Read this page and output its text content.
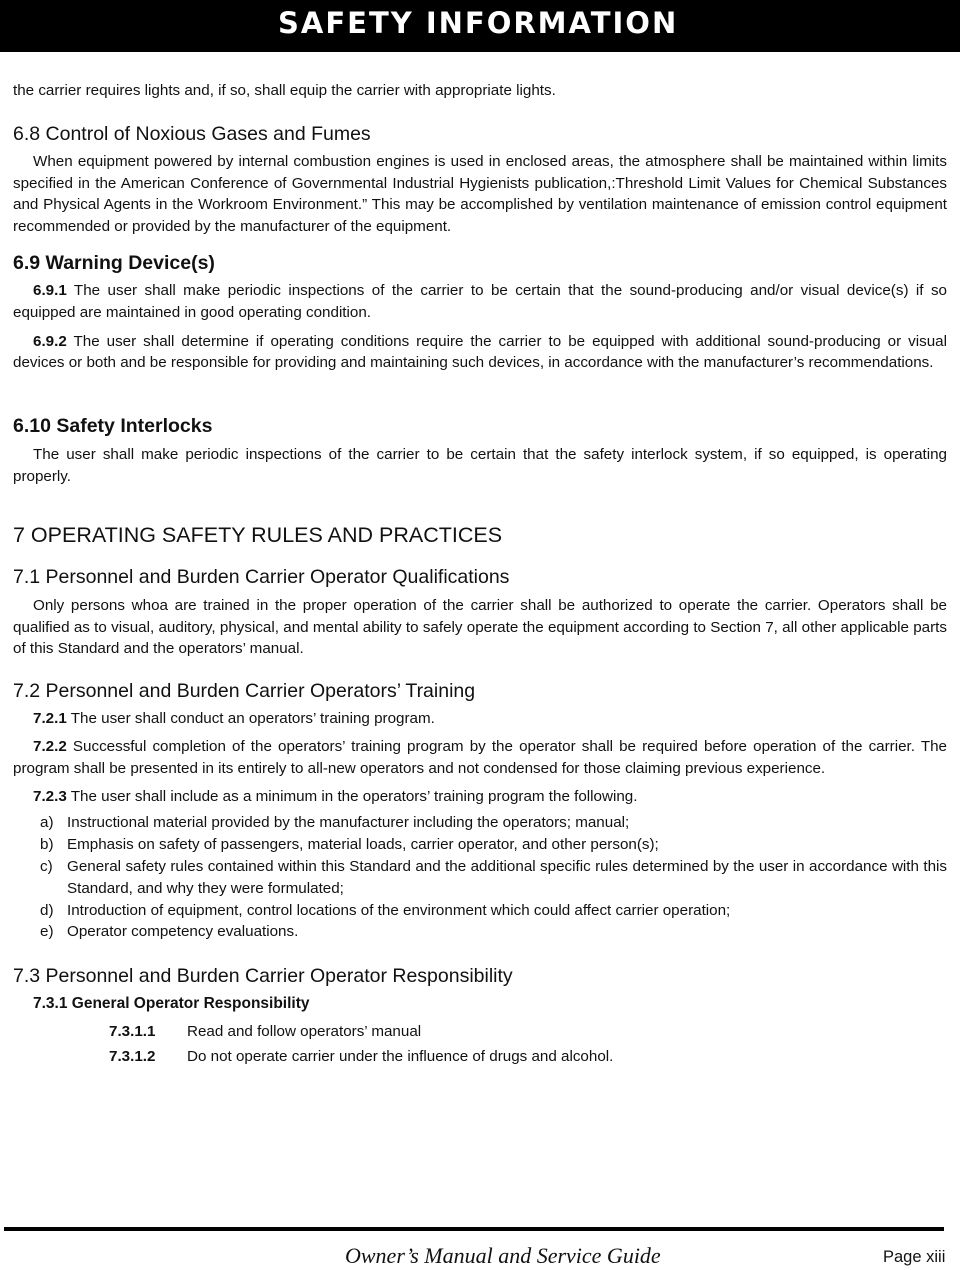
SAFETY INFORMATION

the carrier requires lights and, if so, shall equip the carrier with appropriate lights.

6.8 Control of Noxious Gases and Fumes

When equipment powered by internal combustion engines is used in enclosed areas, the atmosphere shall be maintained within limits specified in the American Conference of Governmental Industrial Hygienists publication,:Threshold Limit Values for Chemical Substances and Physical Agents in the Workroom Environment.” This may be accomplished by ventilation maintenance of emission control equipment recommended or provided by the manufacturer of the equipment.

6.9 Warning Device(s)

6.9.1 The user shall make periodic inspections of the carrier to be certain that the sound-producing and/or visual device(s) if so equipped are maintained in good operating condition.

6.9.2 The user shall determine if operating conditions require the carrier to be equipped with additional sound-producing or visual devices or both and be responsible for providing and maintaining such devices, in accordance with the manufacturer’s recommendations.

6.10 Safety Interlocks

The user shall make periodic inspections of the carrier to be certain that the safety interlock system, if so equipped, is operating properly.

7 OPERATING SAFETY RULES AND PRACTICES
7.1 Personnel and Burden Carrier Operator Qualifications

Only persons whoa are trained in the proper operation of the carrier shall be authorized to operate the carrier. Operators shall be qualified as to visual, auditory, physical, and mental ability to safely operate the equipment according to Section 7, all other applicable parts of this Standard and the operators’ manual.

7.2 Personnel and Burden Carrier Operators’ Training

7.2.1 The user shall conduct an operators’ training program.

7.2.2 Successful completion of the operators’ training program by the operator shall be required before operation of the carrier. The program shall be presented in its entirely to all-new operators and not condensed for those claiming previous experience.

7.2.3 The user shall include as a minimum in the operators’ training program the following.

a) Instructional material provided by the manufacturer including the operators; manual;
b) Emphasis on safety of passengers, material loads, carrier operator, and other person(s);
c) General safety rules contained within this Standard and the additional specific rules determined by the user in accordance with this Standard, and why they were formulated;
d) Introduction of equipment, control locations of the environment which could affect carrier operation;
e) Operator competency evaluations.
7.3 Personnel and Burden Carrier Operator Responsibility
7.3.1 General Operator Responsibility
7.3.1.1 Read and follow operators’ manual
7.3.1.2 Do not operate carrier under the influence of drugs and alcohol.
Owner’s Manual and Service Guide	Page xiii
